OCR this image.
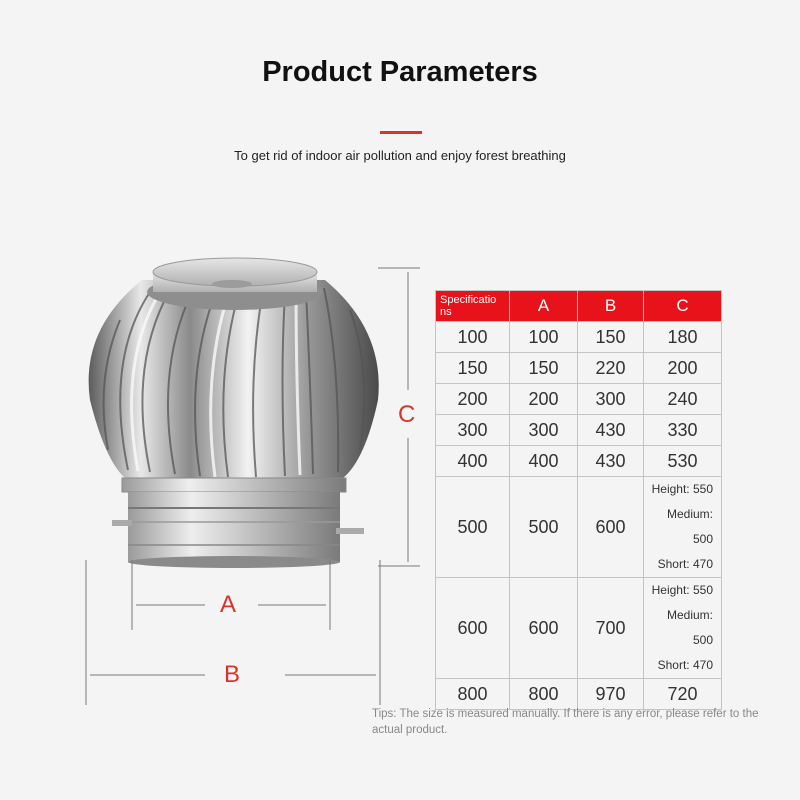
Product Parameters
To get rid of indoor air pollution and enjoy forest breathing
A
B
C
Specificatio ns	A	B	C
100	100	150	180
150	150	220	200
200	200	300	240
300	300	430	330
400	400	430	530
500	500	600	Height: 550
Medium: 500
Short: 470

600	600	700	Height: 550
Medium: 500
Short: 470

800	800	970	720
Tips: The size is measured manually. If there is any error, please refer to the actual product.
